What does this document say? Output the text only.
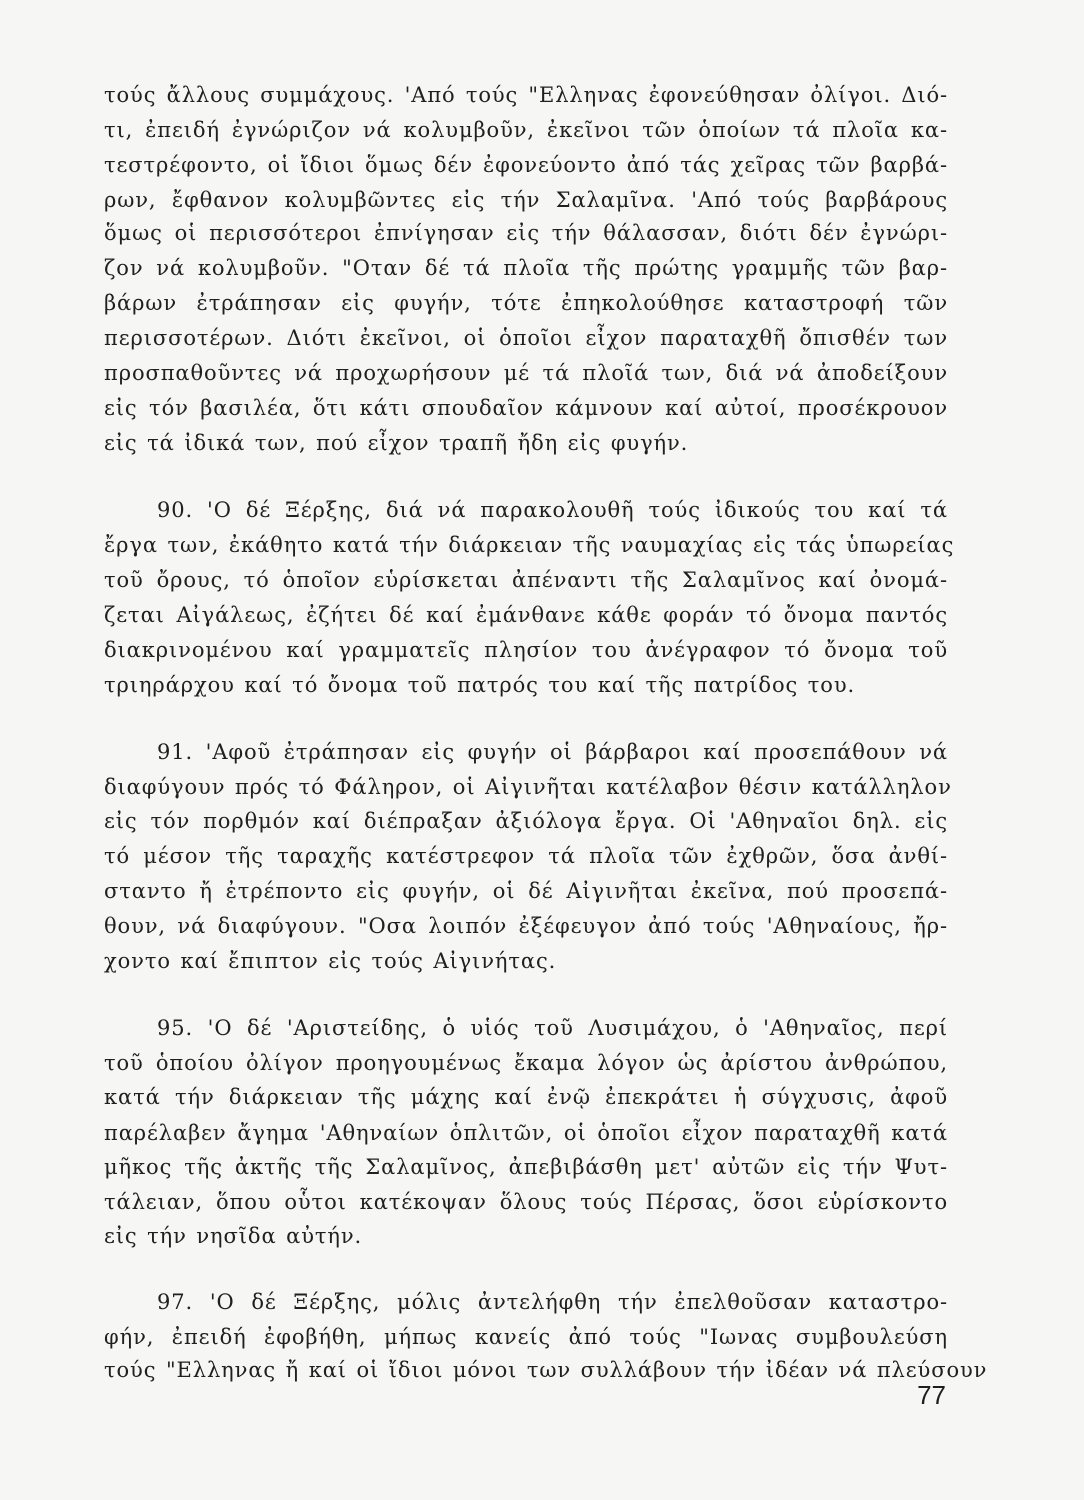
τούς ἄλλους συμμάχους. 'Από τούς "Ελληνας ἐφονεύθησαν ὀλίγοι. Διό-
τι, ἐπειδή ἐγνώριζον νά κολυμβοῦν, ἐκεῖνοι τῶν ὁποίων τά πλοῖα κα-
τεστρέφοντο, οἱ ἴδιοι ὅμως δέν ἐφονεύοντο ἀπό τάς χεῖρας τῶν βαρβά-
ρων, ἔφθανον κολυμβῶντες εἰς τήν Σαλαμῖνα. 'Από τούς βαρβάρους
ὅμως οἱ περισσότεροι ἐπνίγησαν εἰς τήν θάλασσαν, διότι δέν ἐγνώρι-
ζον νά κολυμβοῦν. "Οταν δέ τά πλοῖα τῆς πρώτης γραμμῆς τῶν βαρ-
βάρων ἐτράπησαν εἰς φυγήν, τότε ἐπηκολούθησε καταστροφή τῶν
περισσοτέρων. Διότι ἐκεῖνοι, οἱ ὁποῖοι εἶχον παραταχθῆ ὄπισθέν των
προσπαθοῦντες νά προχωρήσουν μέ τά πλοῖά των, διά νά ἀποδείξουν
εἰς τόν βασιλέα, ὅτι κάτι σπουδαῖον κάμνουν καί αὐτοί, προσέκρουον
εἰς τά ἰδικά των, πού εἶχον τραπῆ ἤδη εἰς φυγήν.
90. 'Ο δέ Ξέρξης, διά νά παρακολουθῆ τούς ἰδικούς του καί τά
ἔργα των, ἐκάθητο κατά τήν διάρκειαν τῆς ναυμαχίας εἰς τάς ὑπωρείας
τοῦ ὄρους, τό ὁποῖον εὑρίσκεται ἀπέναντι τῆς Σαλαμῖνος καί ὀνομά-
ζεται Αἰγάλεως, ἐζήτει δέ καί ἐμάνθανε κάθε φοράν τό ὄνομα παντός
διακρινομένου καί γραμματεῖς πλησίον του ἀνέγραφον τό ὄνομα τοῦ
τριηράρχου καί τό ὄνομα τοῦ πατρός του καί τῆς πατρίδος του.
91. 'Αφοῦ ἐτράπησαν εἰς φυγήν οἱ βάρβαροι καί προσεπάθουν νά
διαφύγουν πρός τό Φάληρον, οἱ Αἰγινῆται κατέλαβον θέσιν κατάλληλον
εἰς τόν πορθμόν καί διέπραξαν ἀξιόλογα ἔργα. Οἱ 'Αθηναῖοι δηλ. εἰς
τό μέσον τῆς ταραχῆς κατέστρεφον τά πλοῖα τῶν ἐχθρῶν, ὅσα ἀνθί-
σταντο ἤ ἐτρέποντο εἰς φυγήν, οἱ δέ Αἰγινῆται ἐκεῖνα, πού προσεπά-
θουν, νά διαφύγουν. "Οσα λοιπόν ἐξέφευγον ἀπό τούς 'Αθηναίους, ἤρ-
χοντο καί ἔπιπτον εἰς τούς Αἰγινήτας.
95. 'Ο δέ 'Αριστείδης, ὁ υἱός τοῦ Λυσιμάχου, ὁ 'Αθηναῖος, περί
τοῦ ὁποίου ὀλίγον προηγουμένως ἔκαμα λόγον ὡς ἀρίστου ἀνθρώπου,
κατά τήν διάρκειαν τῆς μάχης καί ἐνῷ ἐπεκράτει ἡ σύγχυσις, ἀφοῦ
παρέλαβεν ἄγημα 'Αθηναίων ὁπλιτῶν, οἱ ὁποῖοι εἶχον παραταχθῆ κατά
μῆκος τῆς ἀκτῆς τῆς Σαλαμῖνος, ἀπεβιβάσθη μετ' αὐτῶν εἰς τήν Ψυτ-
τάλειαν, ὅπου οὗτοι κατέκοψαν ὅλους τούς Πέρσας, ὅσοι εὑρίσκοντο
εἰς τήν νησῖδα αὐτήν.
97. 'Ο δέ Ξέρξης, μόλις ἀντελήφθη τήν ἐπελθοῦσαν καταστρο-
φήν, ἐπειδή ἐφοβήθη, μήπως κανείς ἀπό τούς "Ιωνας συμβουλεύση
τούς "Ελληνας ἤ καί οἱ ἴδιοι μόνοι των συλλάβουν τήν ἰδέαν νά πλεύσουν
77
